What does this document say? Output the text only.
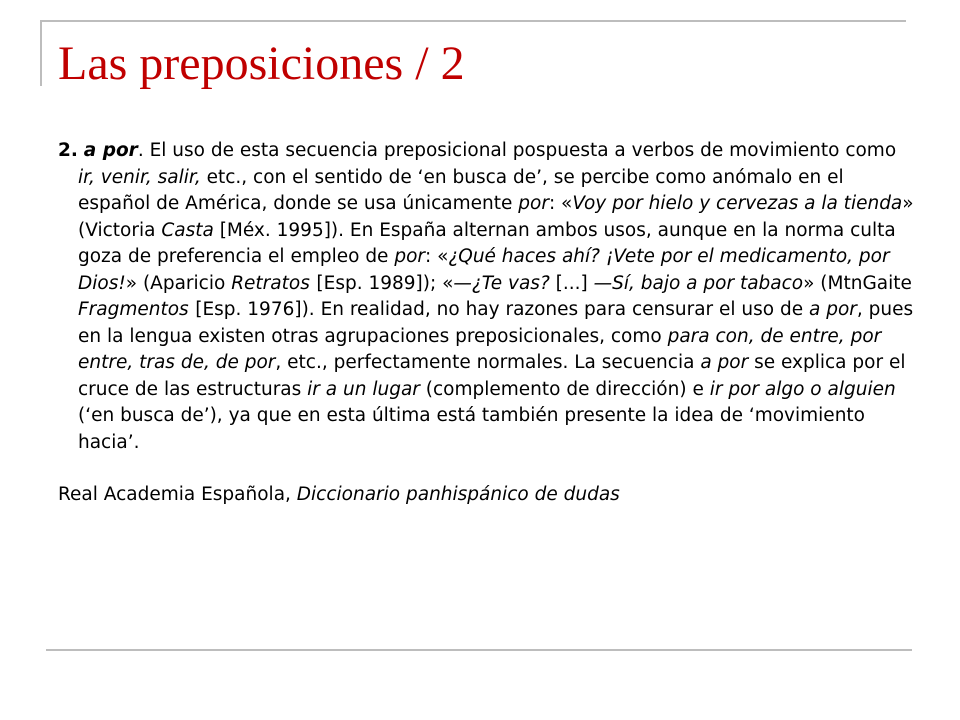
Las preposiciones / 2

2. a por. El uso de esta secuencia preposicional pospuesta a verbos de movimiento como ir, venir, salir, etc., con el sentido de ‘en busca de’, se percibe como anómalo en el español de América, donde se usa únicamente por: «Voy por hielo y cervezas a la tienda» (Victoria Casta [Méx. 1995]). En España alternan ambos usos, aunque en la norma culta goza de preferencia el empleo de por: «¿Qué haces ahí? ¡Vete por el medicamento, por Dios!» (Aparicio Retratos [Esp. 1989]); «—¿Te vas? [...] —Sí, bajo a por tabaco» (MtnGaite Fragmentos [Esp. 1976]). En realidad, no hay razones para censurar el uso de a por, pues en la lengua existen otras agrupaciones preposicionales, como para con, de entre, por entre, tras de, de por, etc., perfectamente normales. La secuencia a por se explica por el cruce de las estructuras ir a un lugar (complemento de dirección) e ir por algo o alguien (‘en busca de’), ya que en esta última está también presente la idea de ‘movimiento hacia’.

Real Academia Española, Diccionario panhispánico de dudas
